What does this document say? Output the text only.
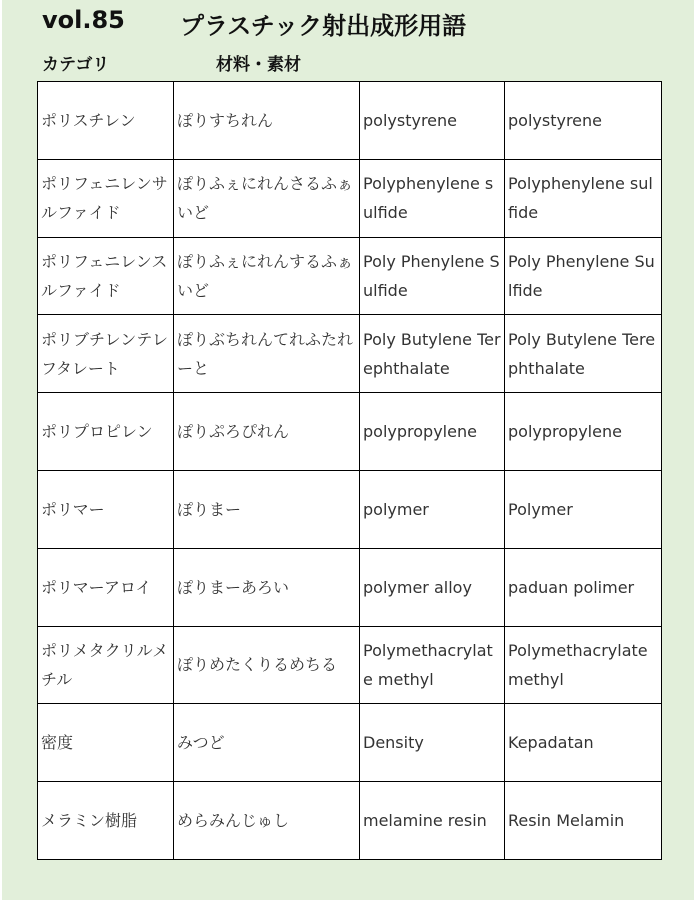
vol.85 プラスチック射出成形用語
カテゴリ	材料・素材
ポリスチレン	ぽりすちれん	polystyrene	polystyrene
ポリフェニレンサルファイド	ぽりふぇにれんさるふぁいど	Polyphenylene sulfide	Polyphenylene sulfide
ポリフェニレンスルファイド	ぽりふぇにれんするふぁいど	Poly Phenylene Sulfide	Poly Phenylene Sulfide
ポリブチレンテレフタレート	ぽりぶちれんてれふたれーと	Poly Butylene Terephthalate	Poly Butylene Terephthalate
ポリプロピレン	ぽりぷろぴれん	polypropylene	polypropylene
ポリマー	ぽりまー	polymer	Polymer
ポリマーアロイ	ぽりまーあろい	polymer alloy	paduan polimer
ポリメタクリルメチル	ぽりめたくりるめちる	Polymethacrylate methyl	Polymethacrylate methyl
密度	みつど	Density	Kepadatan
メラミン樹脂	めらみんじゅし	melamine resin	Resin Melamin
